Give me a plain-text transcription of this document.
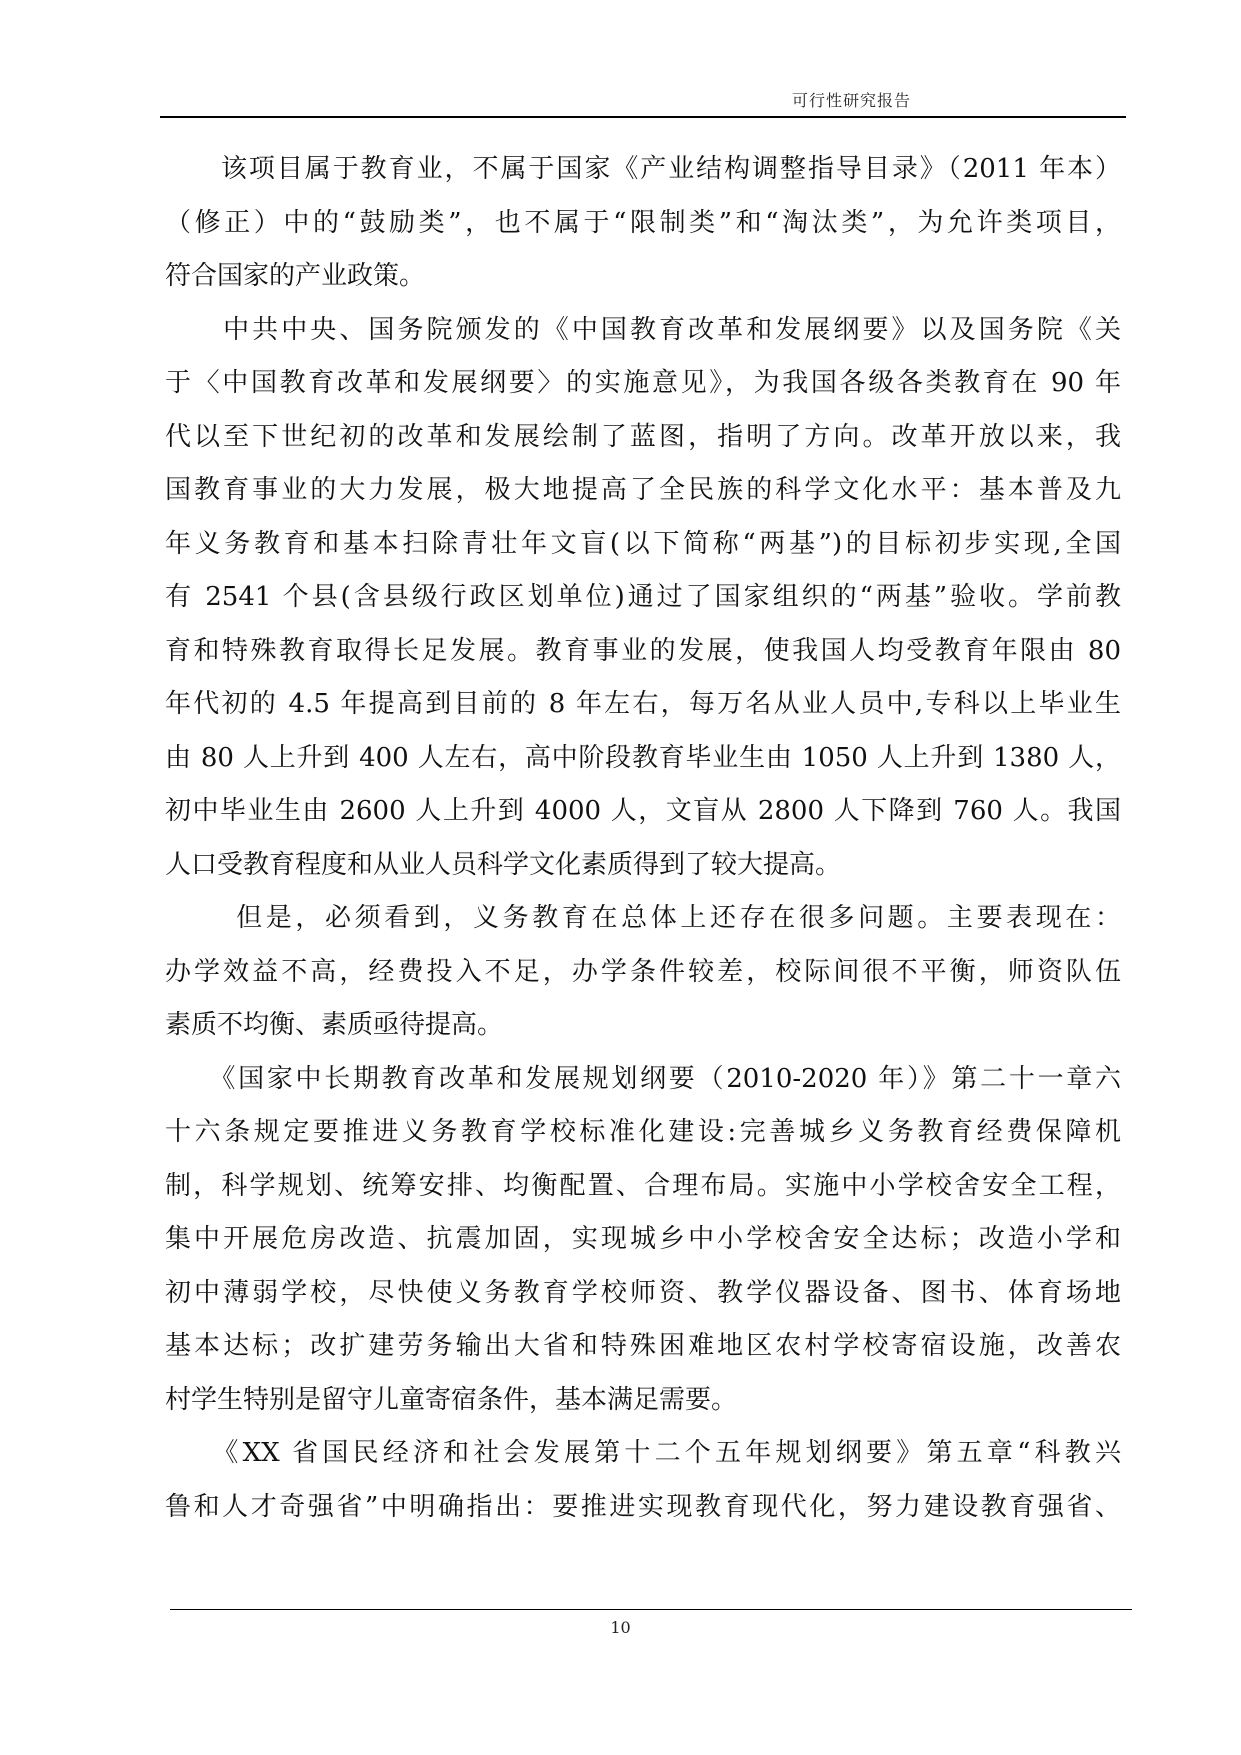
可行性研究报告
　　该项目属于教育业，不属于国家《产业结构调整指导目录》（2011 年本）
（修正）中的“鼓励类”，也不属于“限制类”和“淘汰类”，为允许类项目，
符合国家的产业政策。
　　中共中央、国务院颁发的《中国教育改革和发展纲要》以及国务院《关
于〈中国教育改革和发展纲要〉的实施意见》，为我国各级各类教育在 90 年
代以至下世纪初的改革和发展绘制了蓝图，指明了方向。改革开放以来，我
国教育事业的大力发展，极大地提高了全民族的科学文化水平：基本普及九
年义务教育和基本扫除青壮年文盲(以下简称“两基”)的目标初步实现,全国
有 2541 个县(含县级行政区划单位)通过了国家组织的“两基”验收。学前教
育和特殊教育取得长足发展。教育事业的发展，使我国人均受教育年限由 80
年代初的 4.5 年提高到目前的 8 年左右，每万名从业人员中,专科以上毕业生
由 80 人上升到 400 人左右，高中阶段教育毕业生由 1050 人上升到 1380 人，
初中毕业生由 2600 人上升到 4000 人，文盲从 2800 人下降到 760 人。我国
人口受教育程度和从业人员科学文化素质得到了较大提高。
　　 但是，必须看到，义务教育在总体上还存在很多问题。主要表现在：
办学效益不高，经费投入不足，办学条件较差，校际间很不平衡，师资队伍
素质不均衡、素质亟待提高。
　　《国家中长期教育改革和发展规划纲要（2010-2020 年）》第二十一章六
十六条规定要推进义务教育学校标准化建设:完善城乡义务教育经费保障机
制，科学规划、统筹安排、均衡配置、合理布局。实施中小学校舍安全工程，
集中开展危房改造、抗震加固，实现城乡中小学校舍安全达标；改造小学和
初中薄弱学校，尽快使义务教育学校师资、教学仪器设备、图书、体育场地
基本达标；改扩建劳务输出大省和特殊困难地区农村学校寄宿设施，改善农
村学生特别是留守儿童寄宿条件，基本满足需要。
　　《XX 省国民经济和社会发展第十二个五年规划纲要》第五章“科教兴
鲁和人才奇强省”中明确指出：要推进实现教育现代化，努力建设教育强省、
10
